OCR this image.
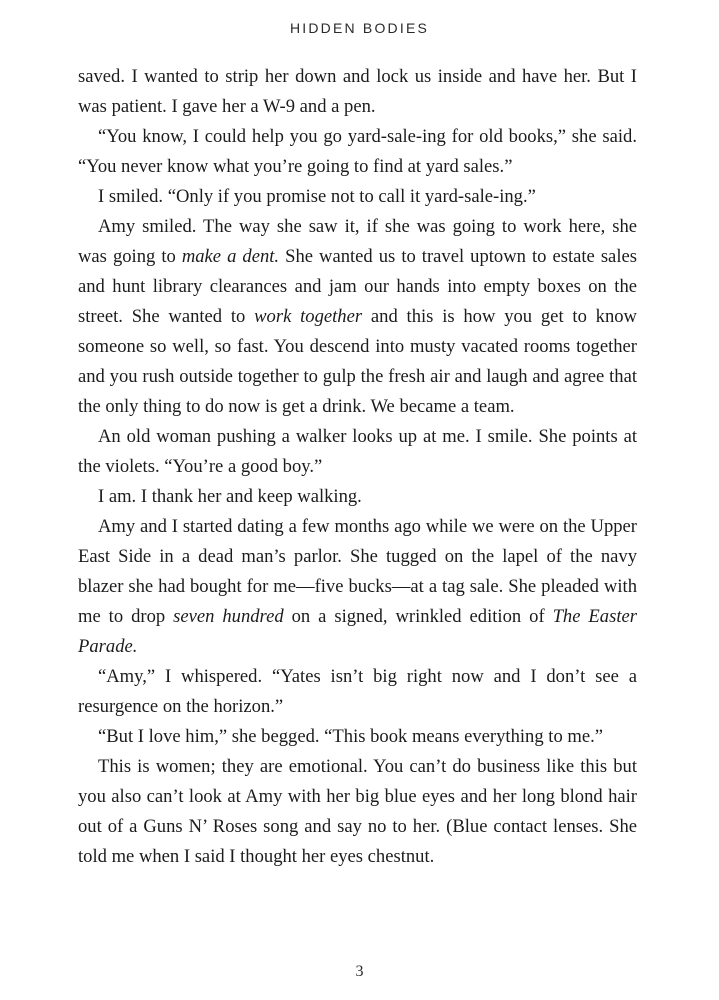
HIDDEN BODIES

saved. I wanted to strip her down and lock us inside and have her. But I was patient. I gave her a W-9 and a pen.

“You know, I could help you go yard-sale-ing for old books,” she said. “You never know what you’re going to find at yard sales.”

I smiled. “Only if you promise not to call it yard-sale-ing.”

Amy smiled. The way she saw it, if she was going to work here, she was going to make a dent. She wanted us to travel uptown to estate sales and hunt library clearances and jam our hands into empty boxes on the street. She wanted to work together and this is how you get to know someone so well, so fast. You descend into musty vacated rooms together and you rush outside together to gulp the fresh air and laugh and agree that the only thing to do now is get a drink. We became a team.

An old woman pushing a walker looks up at me. I smile. She points at the violets. “You’re a good boy.”

I am. I thank her and keep walking.

Amy and I started dating a few months ago while we were on the Upper East Side in a dead man’s parlor. She tugged on the lapel of the navy blazer she had bought for me—five bucks—at a tag sale. She pleaded with me to drop seven hundred on a signed, wrinkled edition of The Easter Parade.

“Amy,” I whispered. “Yates isn’t big right now and I don’t see a resurgence on the horizon.”

“But I love him,” she begged. “This book means everything to me.”

This is women; they are emotional. You can’t do business like this but you also can’t look at Amy with her big blue eyes and her long blond hair out of a Guns N’ Roses song and say no to her. (Blue contact lenses. She told me when I said I thought her eyes chestnut.

3
